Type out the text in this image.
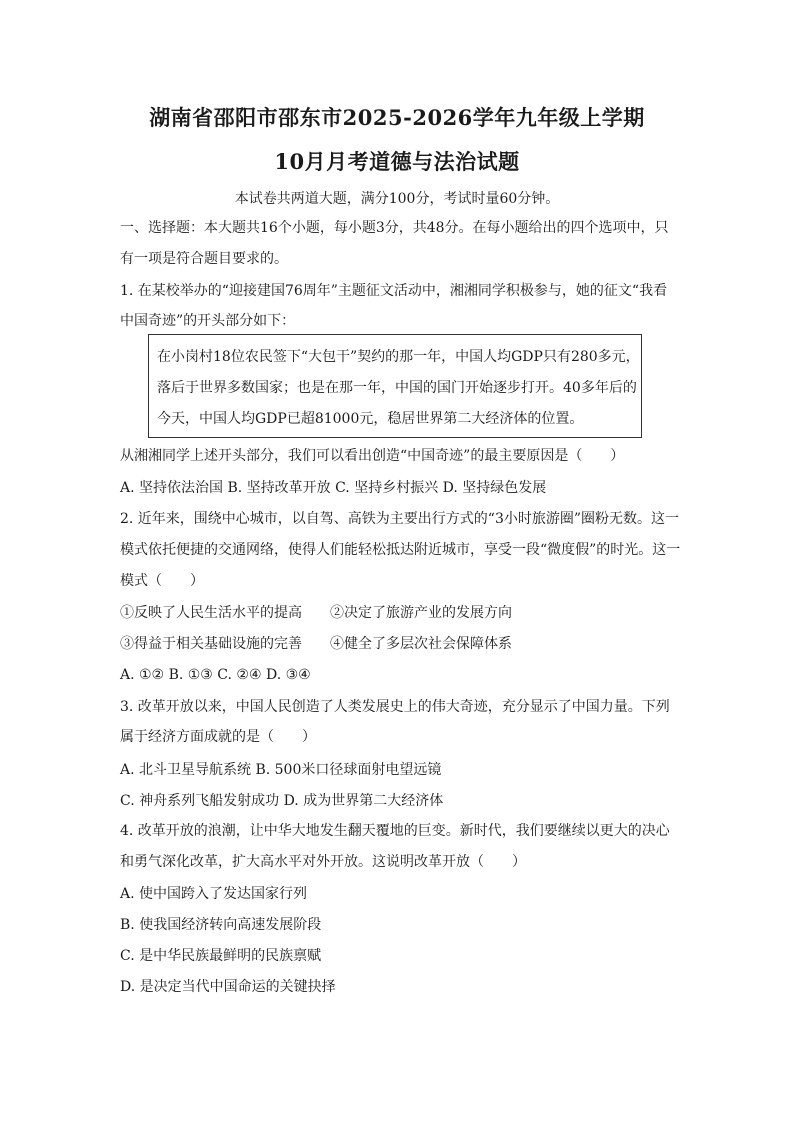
湖南省邵阳市邵东市2025-2026学年九年级上学期
10月月考道德与法治试题
本试卷共两道大题，满分100分，考试时量60分钟。
一、选择题：本大题共16个小题，每小题3分，共48分。在每小题给出的四个选项中，只
有一项是符合题目要求的。
1. 在某校举办的“迎接建国76周年”主题征文活动中，湘湘同学积极参与，她的征文“我看
中国奇迹”的开头部分如下：
在小岗村18位农民签下“大包干”契约的那一年，中国人均GDP只有280多元，
落后于世界多数国家；也是在那一年，中国的国门开始逐步打开。40多年后的
今天，中国人均GDP已超81000元，稳居世界第二大经济体的位置。
从湘湘同学上述开头部分，我们可以看出创造“中国奇迹”的最主要原因是（　　）
A. 坚持依法治国 B. 坚持改革开放 C. 坚持乡村振兴 D. 坚持绿色发展
2. 近年来，围绕中心城市，以自驾、高铁为主要出行方式的“3小时旅游圈”圈粉无数。这一
模式依托便捷的交通网络，使得人们能轻松抵达附近城市，享受一段“微度假”的时光。这一
模式（　　）
①反映了人民生活水平的提高 ②决定了旅游产业的发展方向
③得益于相关基础设施的完善 ④健全了多层次社会保障体系
A. ①② B. ①③ C. ②④ D. ③④
3. 改革开放以来，中国人民创造了人类发展史上的伟大奇迹，充分显示了中国力量。下列
属于经济方面成就的是（　　）
A. 北斗卫星导航系统 B. 500米口径球面射电望远镜
C. 神舟系列飞船发射成功 D. 成为世界第二大经济体
4. 改革开放的浪潮，让中华大地发生翻天覆地的巨变。新时代，我们要继续以更大的决心
和勇气深化改革，扩大高水平对外开放。这说明改革开放（　　）
A. 使中国跨入了发达国家行列
B. 使我国经济转向高速发展阶段
C. 是中华民族最鲜明的民族禀赋
D. 是决定当代中国命运的关键抉择
